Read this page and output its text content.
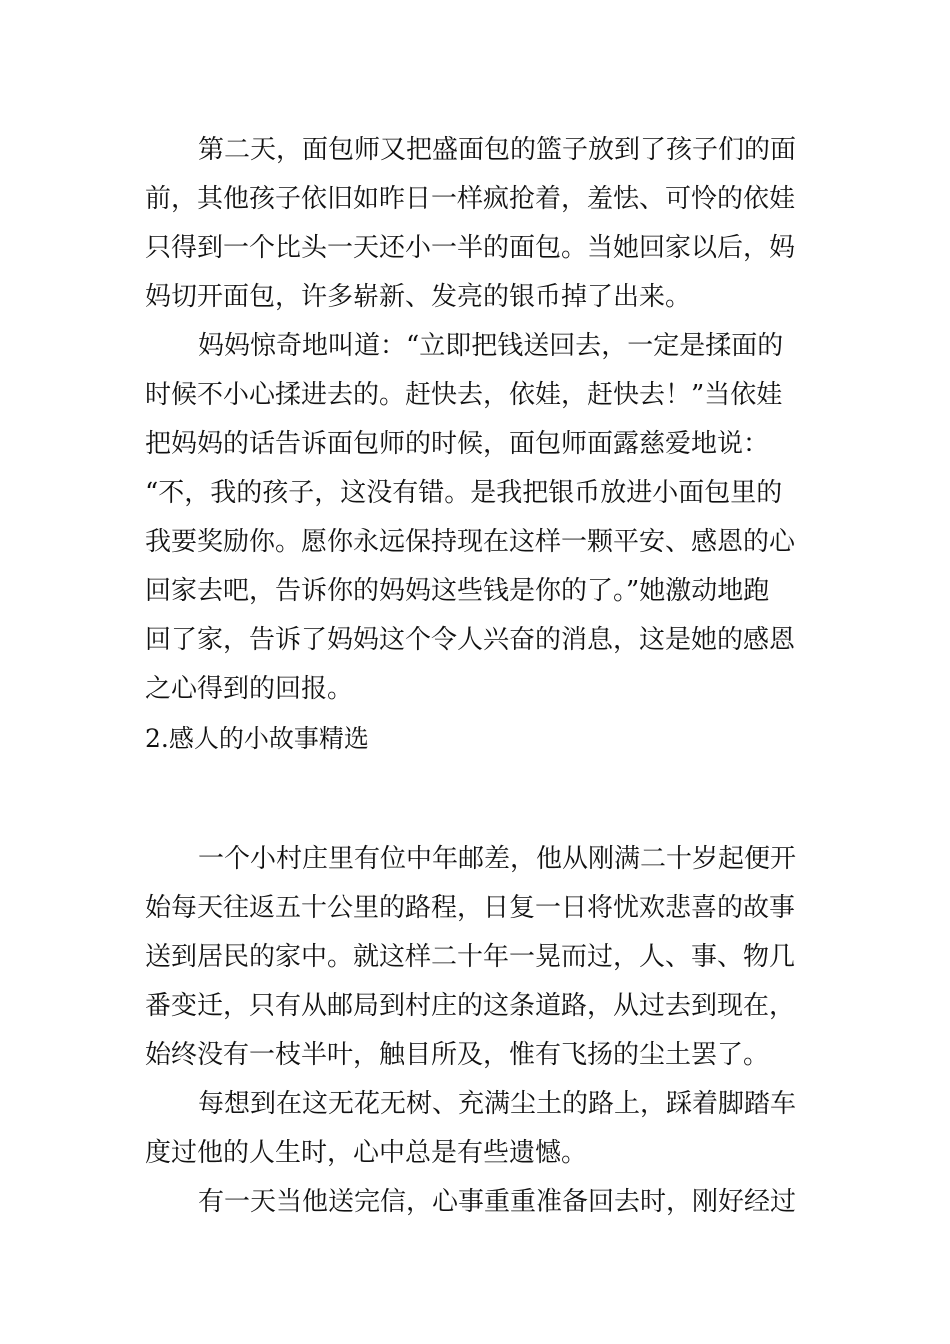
第二天，面包师又把盛面包的篮子放到了孩子们的面
前，其他孩子依旧如昨日一样疯抢着，羞怯、可怜的依娃
只得到一个比头一天还小一半的面包。当她回家以后，妈
妈切开面包，许多崭新、发亮的银币掉了出来。
妈妈惊奇地叫道：“立即把钱送回去，一定是揉面的
时候不小心揉进去的。赶快去，依娃，赶快去！”当依娃
把妈妈的话告诉面包师的时候，面包师面露慈爱地说：
“不，我的孩子，这没有错。是我把银币放进小面包里的
我要奖励你。愿你永远保持现在这样一颗平安、感恩的心
回家去吧，告诉你的妈妈这些钱是你的了。”她激动地跑
回了家，告诉了妈妈这个令人兴奋的消息，这是她的感恩
之心得到的回报。
2.感人的小故事精选
一个小村庄里有位中年邮差，他从刚满二十岁起便开
始每天往返五十公里的路程，日复一日将忧欢悲喜的故事
送到居民的家中。就这样二十年一晃而过，人、事、物几
番变迁，只有从邮局到村庄的这条道路，从过去到现在，
始终没有一枝半叶，触目所及，惟有飞扬的尘土罢了。
每想到在这无花无树、充满尘土的路上，踩着脚踏车
度过他的人生时，心中总是有些遗憾。
有一天当他送完信，心事重重准备回去时，刚好经过
